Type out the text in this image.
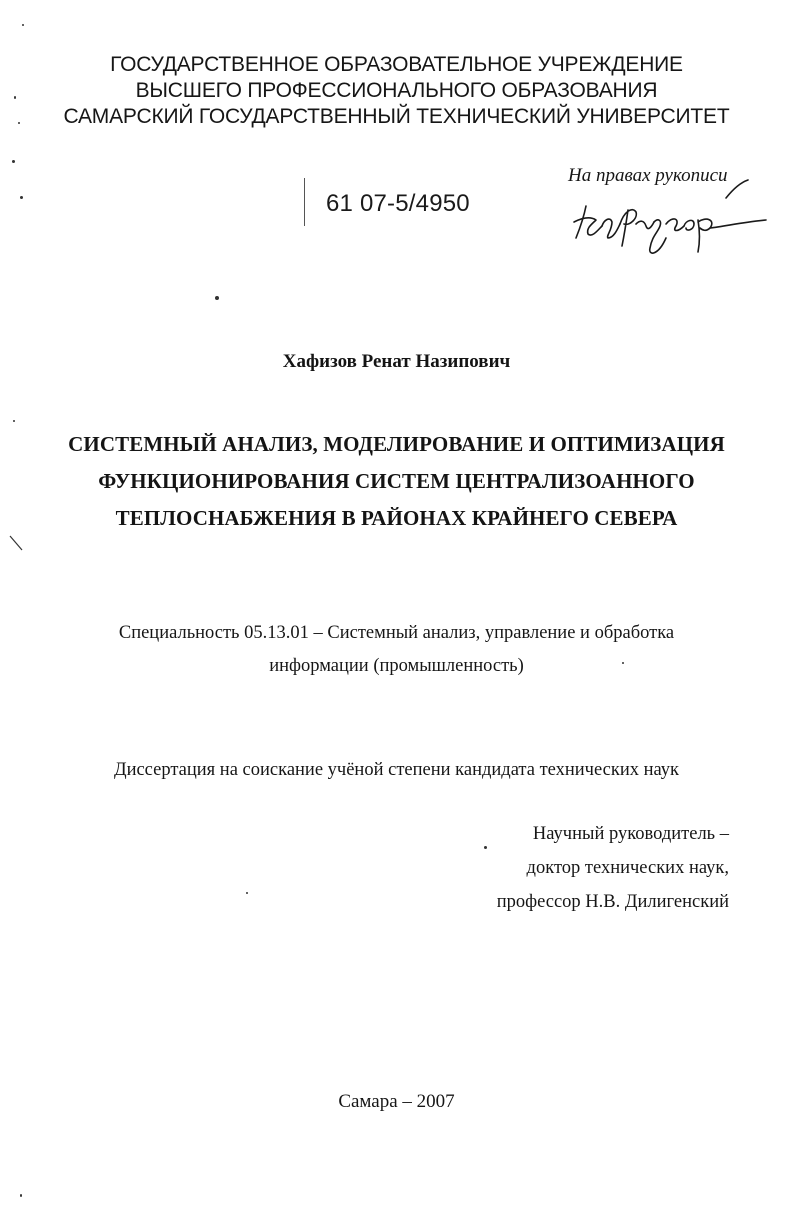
ГОСУДАРСТВЕННОЕ ОБРАЗОВАТЕЛЬНОЕ УЧРЕЖДЕНИЕ
ВЫСШЕГО ПРОФЕССИОНАЛЬНОГО ОБРАЗОВАНИЯ
САМАРСКИЙ ГОСУДАРСТВЕННЫЙ ТЕХНИЧЕСКИЙ УНИВЕРСИТЕТ
61 07-5/4950
На правах рукописи
Хафизов Ренат Назипович
СИСТЕМНЫЙ АНАЛИЗ, МОДЕЛИРОВАНИЕ И ОПТИМИЗАЦИЯ
ФУНКЦИОНИРОВАНИЯ СИСТЕМ ЦЕНТРАЛИЗОАННОГО
ТЕПЛОСНАБЖЕНИЯ В РАЙОНАХ КРАЙНЕГО СЕВЕРА
Специальность 05.13.01 – Системный анализ, управление и обработка
информации (промышленность)
Диссертация на соискание учёной степени кандидата технических наук
Научный руководитель –
доктор технических наук,
профессор Н.В. Дилигенский
Самара – 2007
